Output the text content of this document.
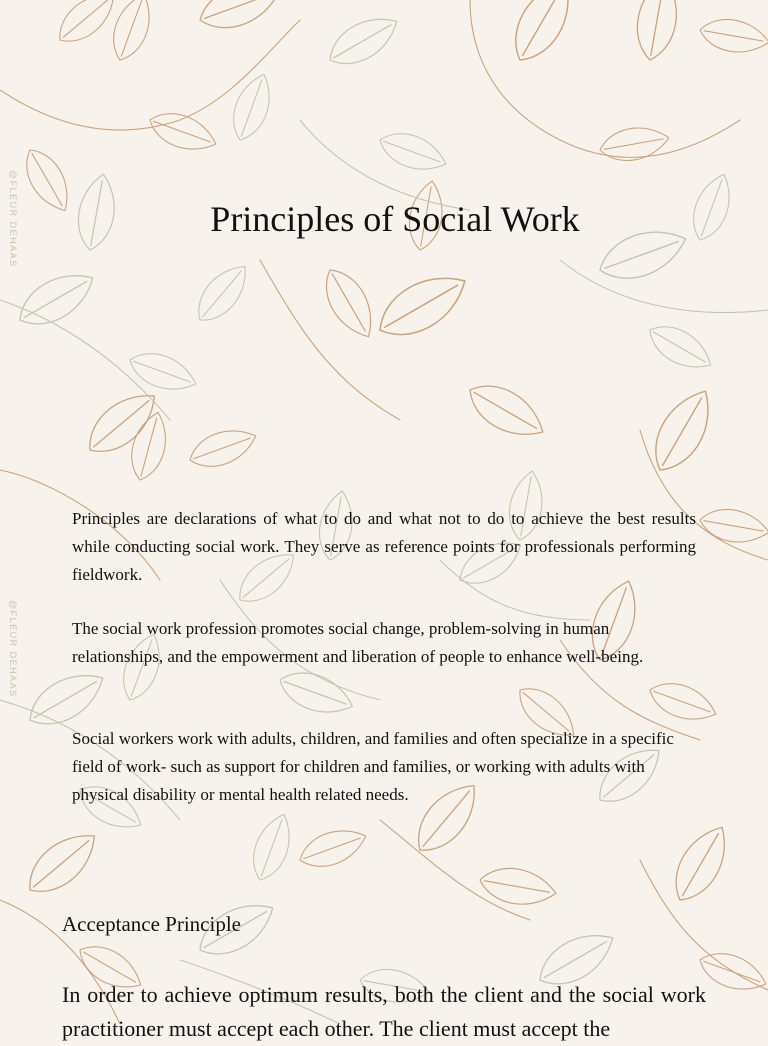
@FLEUR DEHAAS
@FLEUR DEHAAS
Principles of Social Work

Principles are declarations of what to do and what not to do to achieve the best results while conducting social work. They serve as reference points for professionals performing fieldwork.

The social work profession promotes social change, problem-solving in human relationships, and the empowerment and liberation of people to enhance well-being.

Social workers work with adults, children, and families and often specialize in a specific field of work- such as support for children and families, or working with adults with physical disability or mental health related needs.

Acceptance Principle

In order to achieve optimum results, both the client and the social work practitioner must accept each other. The client must accept the
